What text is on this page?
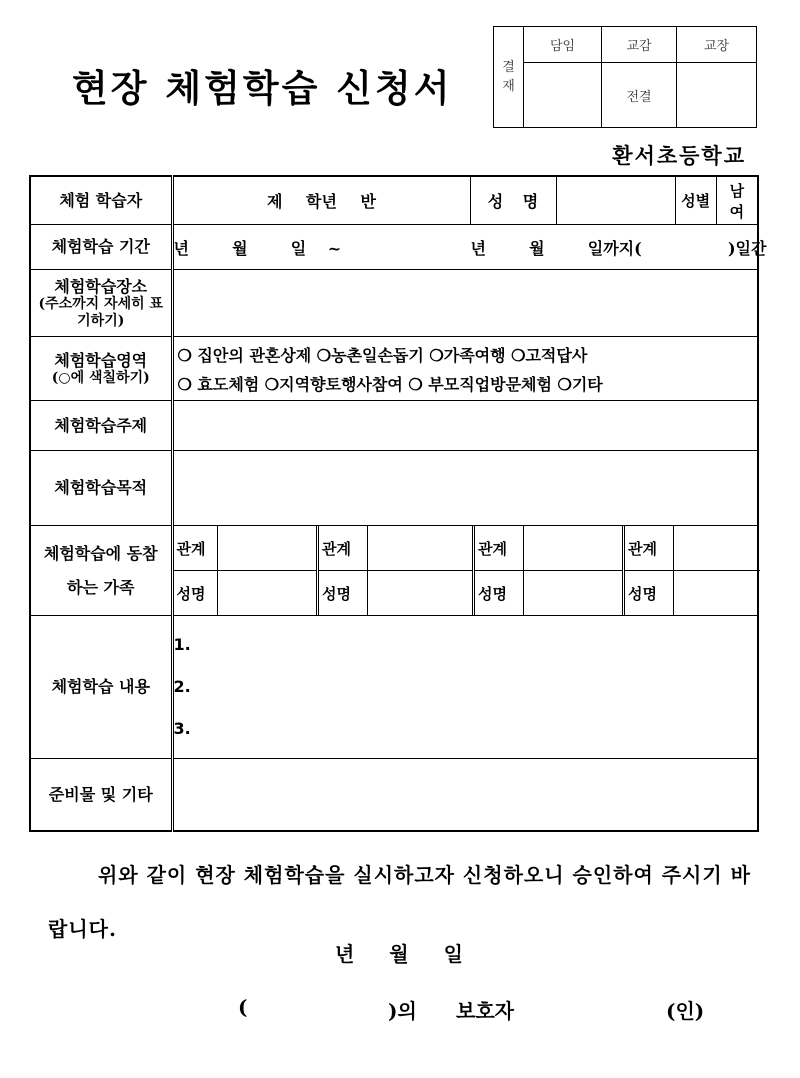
현장 체험학습 신청서	결
재	담임	교감	교장
		전결	
환서초등학교
체험 학습자	제 학년 반	성 명			성별	남 여

체험학습 기간	년  월  일 ~      년  월  일까지(    )일간

체험학습장소
(주소까지 자세히 표기하기)

체험학습영역
(○에 색칠하기)

❍ 집안의 관혼상제 ❍농촌일손돕기 ❍가족여행 ❍고적답사
❍ 효도체험 ❍지역향토행사참여 ❍ 부모직업방문체험 ❍기타

체험학습주제	
체험학습목적	
체험학습에 동참하는 가족	
관계		관계		관계		관계	
성명		성명		성명		성명	

체험학습 내용	
1.
2.
3.

준비물 및 기타	
위와 같이 현장 체험학습을 실시하고자 신청하오니 승인하여 주시기 바랍니다.
년 월 일
(	)의 보호자	(인)
